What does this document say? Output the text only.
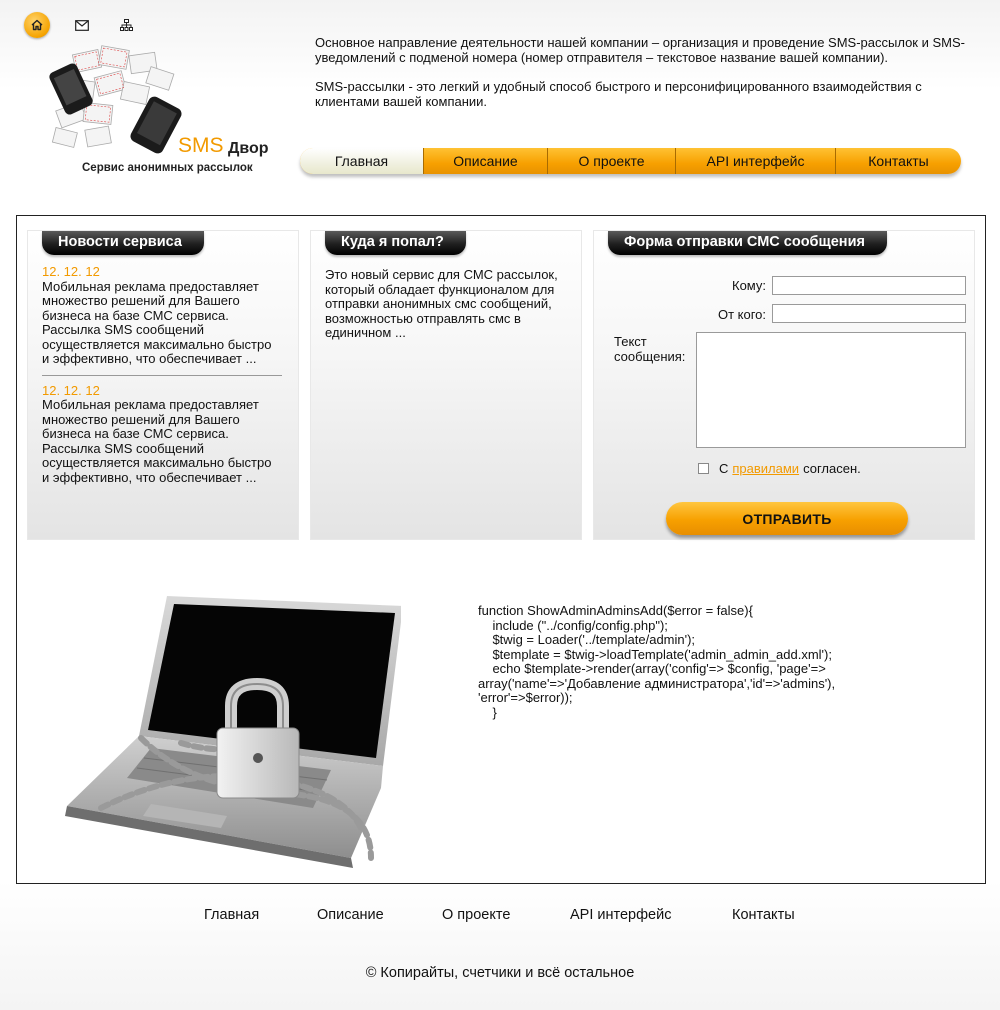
SMS Двор
Сервис анонимных рассылок

Основное направление деятельности нашей компании – организация и проведение SMS-рассылок и SMS-уведомлений с подменой номера (номер отправителя – текстовое название вашей компании).

SMS-рассылки - это легкий и удобный способ быстрого и персонифицированного взаимодействия с клиентами вашей компании.

Главная	Описание	О проекте	API интерфейс	Контакты
Новости сервиса
12. 12. 12
Мобильная реклама предоставляет множество решений для Вашего бизнеса на базе СМС сервиса. Рассылка SMS сообщений осуществляется максимально быстро и эффективно, что обеспечивает ...
12. 12. 12
Мобильная реклама предоставляет множество решений для Вашего бизнеса на базе СМС сервиса. Рассылка SMS сообщений осуществляется максимально быстро и эффективно, что обеспечивает ...
Куда я попал?
Это новый сервис для СМС рассылок, который обладает функционалом для отправки анонимных смс сообщений, возможностью отправлять смс в единичном ...
Форма отправки СМС сообщения
Кому:
От кого:
Текст
сообщения:
С правилами согласен.
ОТПРАВИТЬ
function ShowAdminAdminsAdd($error = false){
	include ("../config/config.php");
	$twig = Loader('../template/admin');
	$template = $twig->loadTemplate('admin_admin_add.xml');
	echo $template->render(array('config'=> $config, 'page'=>
array('name'=>'Добавление администратора','id'=>'admins'),
'error'=>$error));
}
Главная	Описание	О проекте	API интерфейс	Контакты
© Копирайты, счетчики и всё остальное
